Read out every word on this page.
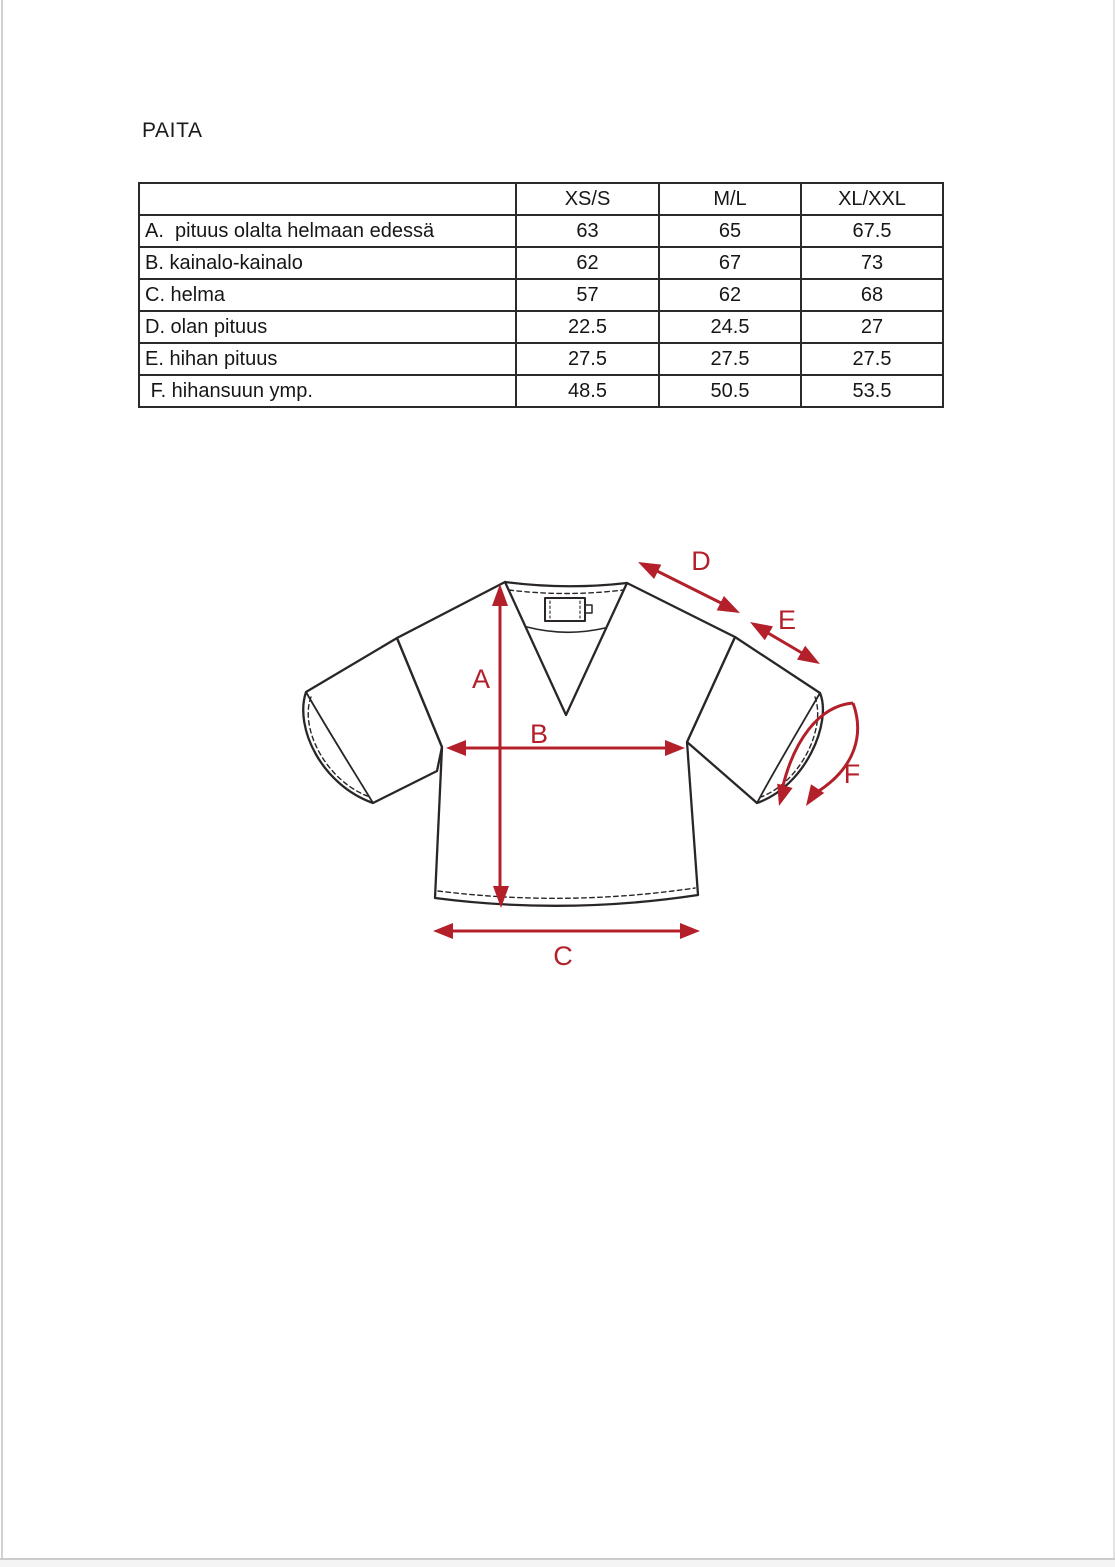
PAITA
	XS/S	M/L	XL/XXL
A.  pituus olalta helmaan edessä	63	65	67.5
B. kainalo-kainalo	62	67	73
C. helma	57	62	68
D. olan pituus	22.5	24.5	27
E. hihan pituus	27.5	27.5	27.5
F. hihansuun ymp.	48.5	50.5	53.5
A
B
C
D
E
F
